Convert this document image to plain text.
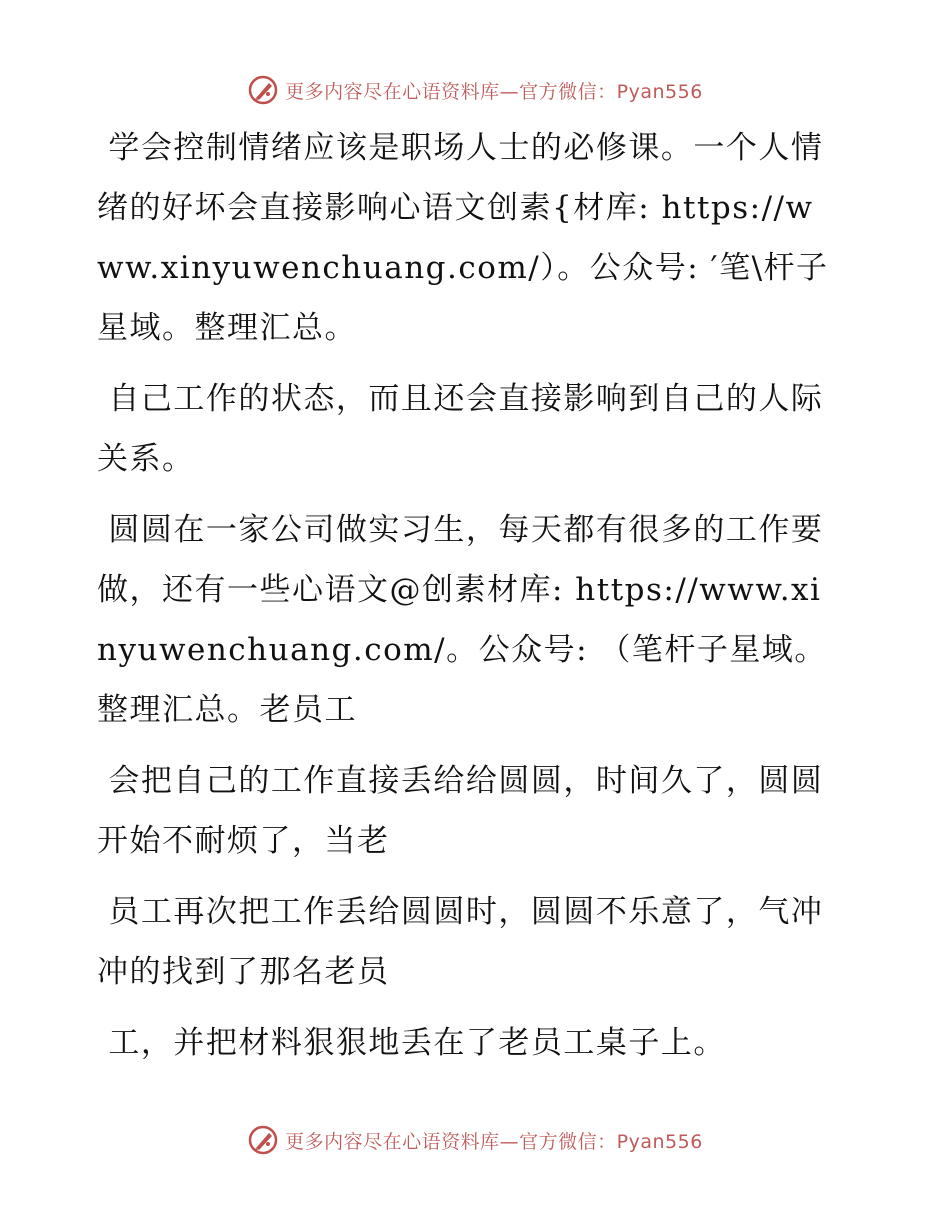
更多内容尽在心语资料库—官方微信：Pyan556

学会控制情绪应该是职场人士的必修课。一个人情绪的好坏会直接影响心语文创素{材库: https://www.xinyuwenchuang.com/）。公众号: ′笔\杆子星域。整理汇总。

自己工作的状态，而且还会直接影响到自己的人际关系。

圆圆在一家公司做实习生，每天都有很多的工作要做，还有一些心语文@创素材库: https://www.xinyuwenchuang.com/。公众号: （笔杆子星域。整理汇总。老员工

会把自己的工作直接丢给给圆圆，时间久了，圆圆开始不耐烦了，当老

员工再次把工作丢给圆圆时，圆圆不乐意了，气冲冲的找到了那名老员

工，并把材料狠狠地丢在了老员工桌子上。

更多内容尽在心语资料库—官方微信：Pyan556
